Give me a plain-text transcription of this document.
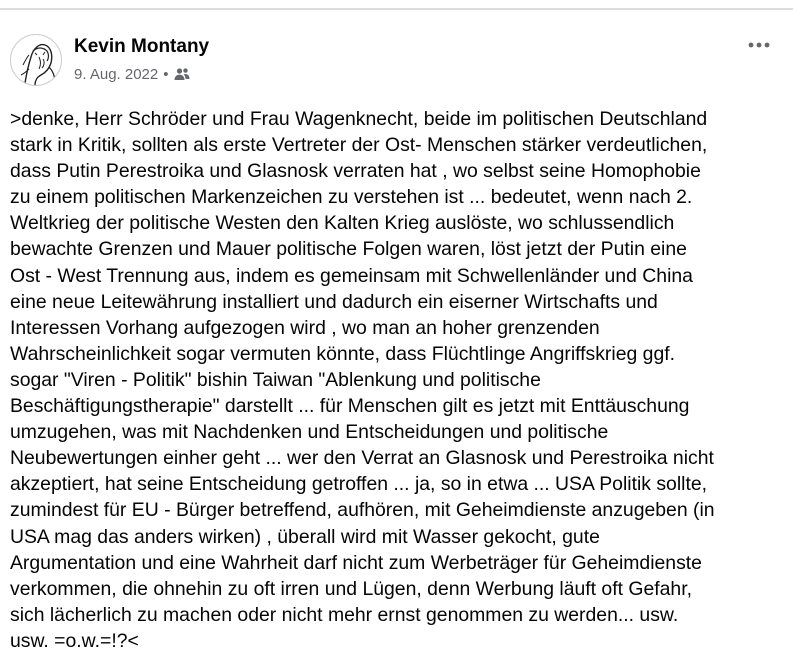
Kevin Montany
9. Aug. 2022 •
>denke, Herr Schröder und Frau Wagenknecht, beide im politischen Deutschland
stark in Kritik, sollten als erste Vertreter der Ost- Menschen stärker verdeutlichen,
dass Putin Perestroika und Glasnosk verraten hat , wo selbst seine Homophobie
zu einem politischen Markenzeichen zu verstehen ist ... bedeutet, wenn nach 2.
Weltkrieg der politische Westen den Kalten Krieg auslöste, wo schlussendlich
bewachte Grenzen und Mauer politische Folgen waren, löst jetzt der Putin eine
Ost - West Trennung aus, indem es gemeinsam mit Schwellenländer und China
eine neue Leitewährung installiert und dadurch ein eiserner Wirtschafts und
Interessen Vorhang aufgezogen wird , wo man an hoher grenzenden
Wahrscheinlichkeit sogar vermuten könnte, dass Flüchtlinge Angriffskrieg ggf.
sogar "Viren - Politik" bishin Taiwan "Ablenkung und politische
Beschäftigungstherapie" darstellt ... für Menschen gilt es jetzt mit Enttäuschung
umzugehen, was mit Nachdenken und Entscheidungen und politische
Neubewertungen einher geht ... wer den Verrat an Glasnosk und Perestroika nicht
akzeptiert, hat seine Entscheidung getroffen ... ja, so in etwa ... USA Politik sollte,
zumindest für EU - Bürger betreffend, aufhören, mit Geheimdienste anzugeben (in
USA mag das anders wirken) , überall wird mit Wasser gekocht, gute
Argumentation und eine Wahrheit darf nicht zum Werbeträger für Geheimdienste
verkommen, die ohnehin zu oft irren und Lügen, denn Werbung läuft oft Gefahr,
sich lächerlich zu machen oder nicht mehr ernst genommen zu werden... usw.
usw. =o.w.=!?<
